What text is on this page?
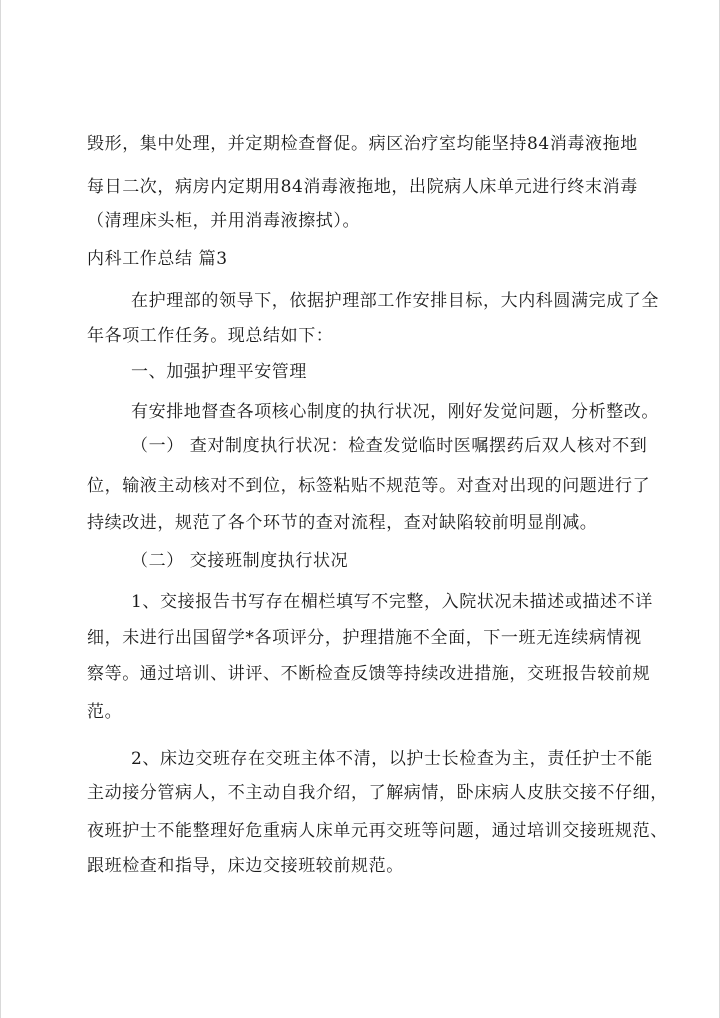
毁形，集中处理，并定期检查督促。病区治疗室均能坚持84消毒液拖地
每日二次，病房内定期用84消毒液拖地，出院病人床单元进行终末消毒
（清理床头柜，并用消毒液擦拭）。
内科工作总结 篇3
在护理部的领导下，依据护理部工作安排目标，大内科圆满完成了全
年各项工作任务。现总结如下：
一、加强护理平安管理
有安排地督查各项核心制度的执行状况，刚好发觉问题，分析整改。
（一） 查对制度执行状况：检查发觉临时医嘱摆药后双人核对不到
位，输液主动核对不到位，标签粘贴不规范等。对查对出现的问题进行了
持续改进，规范了各个环节的查对流程，查对缺陷较前明显削减。
（二） 交接班制度执行状况
1、交接报告书写存在楣栏填写不完整，入院状况未描述或描述不详
细，未进行出国留学*各项评分，护理措施不全面，下一班无连续病情视
察等。通过培训、讲评、不断检查反馈等持续改进措施，交班报告较前规
范。
2、床边交班存在交班主体不清，以护士长检查为主，责任护士不能
主动接分管病人，不主动自我介绍，了解病情，卧床病人皮肤交接不仔细，
夜班护士不能整理好危重病人床单元再交班等问题，通过培训交接班规范、
跟班检查和指导，床边交接班较前规范。
